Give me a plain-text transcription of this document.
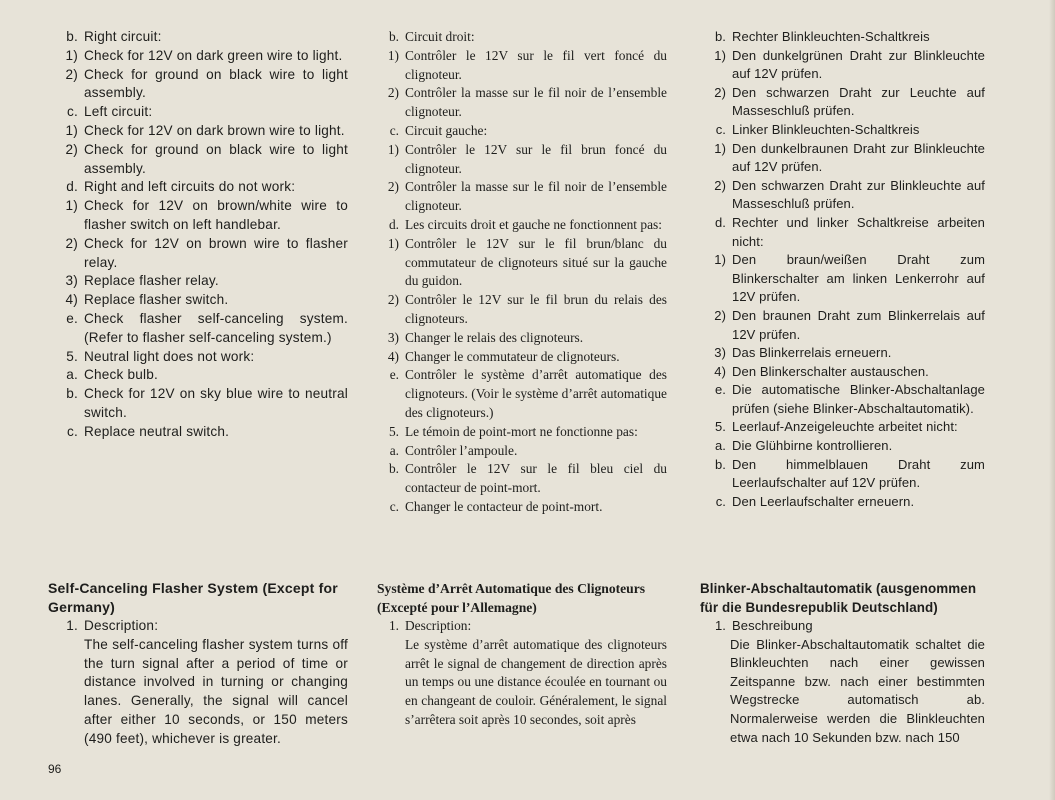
b. Right circuit:
1) Check for 12V on dark green wire to light.
2) Check for ground on black wire to light assembly.
c. Left circuit:
1) Check for 12V on dark brown wire to light.
2) Check for ground on black wire to light assembly.
d. Right and left circuits do not work:
1) Check for 12V on brown/white wire to flasher switch on left handlebar.
2) Check for 12V on brown wire to flasher relay.
3) Replace flasher relay.
4) Replace flasher switch.
e. Check flasher self-canceling system. (Refer to flasher self-canceling system.)
5. Neutral light does not work:
a. Check bulb.
b. Check for 12V on sky blue wire to neutral switch.
c. Replace neutral switch.
b. Circuit droit:
1) Contrôler le 12V sur le fil vert foncé du clignoteur.
2) Contrôler la masse sur le fil noir de l’ensemble clignoteur.
c. Circuit gauche:
1) Contrôler le 12V sur le fil brun foncé du clignoteur.
2) Contrôler la masse sur le fil noir de l’ensemble clignoteur.
d. Les circuits droit et gauche ne fonctionnent pas:
1) Contrôler le 12V sur le fil brun/blanc du commutateur de clignoteurs situé sur la gauche du guidon.
2) Contrôler le 12V sur le fil brun du relais des clignoteurs.
3) Changer le relais des clignoteurs.
4) Changer le commutateur de clignoteurs.
e. Contrôler le système d’arrêt automatique des clignoteurs. (Voir le système d’arrêt automatique des clignoteurs.)
5. Le témoin de point-mort ne fonctionne pas:
a. Contrôler l’ampoule.
b. Contrôler le 12V sur le fil bleu ciel du contacteur de point-mort.
c. Changer le contacteur de point-mort.
b. Rechter Blinkleuchten-Schaltkreis
1) Den dunkelgrünen Draht zur Blinkleuchte auf 12V prüfen.
2) Den schwarzen Draht zur Leuchte auf Masseschluß prüfen.
c. Linker Blinkleuchten-Schaltkreis
1) Den dunkelbraunen Draht zur Blinkleuchte auf 12V prüfen.
2) Den schwarzen Draht zur Blinkleuchte auf Masseschluß prüfen.
d. Rechter und linker Schaltkreise arbeiten nicht:
1) Den braun/weißen Draht zum Blinkerschalter am linken Lenkerrohr auf 12V prüfen.
2) Den braunen Draht zum Blinkerrelais auf 12V prüfen.
3) Das Blinkerrelais erneuern.
4) Den Blinkerschalter austauschen.
e. Die automatische Blinker-Abschaltanlage prüfen (siehe Blinker-Abschaltautomatik).
5. Leerlauf-Anzeigeleuchte arbeitet nicht:
a. Die Glühbirne kontrollieren.
b. Den himmelblauen Draht zum Leerlaufschalter auf 12V prüfen.
c. Den Leerlaufschalter erneuern.
Self-Canceling Flasher System (Except for Germany)
1. Description:
The self-canceling flasher system turns off the turn signal after a period of time or distance involved in turning or changing lanes. Generally, the signal will cancel after either 10 seconds, or 150 meters (490 feet), whichever is greater.
Système d’Arrêt Automatique des Clignoteurs (Excepté pour l’Allemagne)
1. Description:
Le système d’arrêt automatique des clignoteurs arrêt le signal de changement de direction après un temps ou une distance écoulée en tournant ou en changeant de couloir. Généralement, le signal s’arrêtera soit après 10 secondes, soit après
Blinker-Abschaltautomatik (ausgenommen für die Bundesrepublik Deutschland)
1. Beschreibung
Die Blinker-Abschaltautomatik schaltet die Blinkleuchten nach einer gewissen Zeitspanne bzw. nach einer bestimmten Wegstrecke automatisch ab. Normalerweise werden die Blinkleuchten etwa nach 10 Sekunden bzw. nach 150
96
